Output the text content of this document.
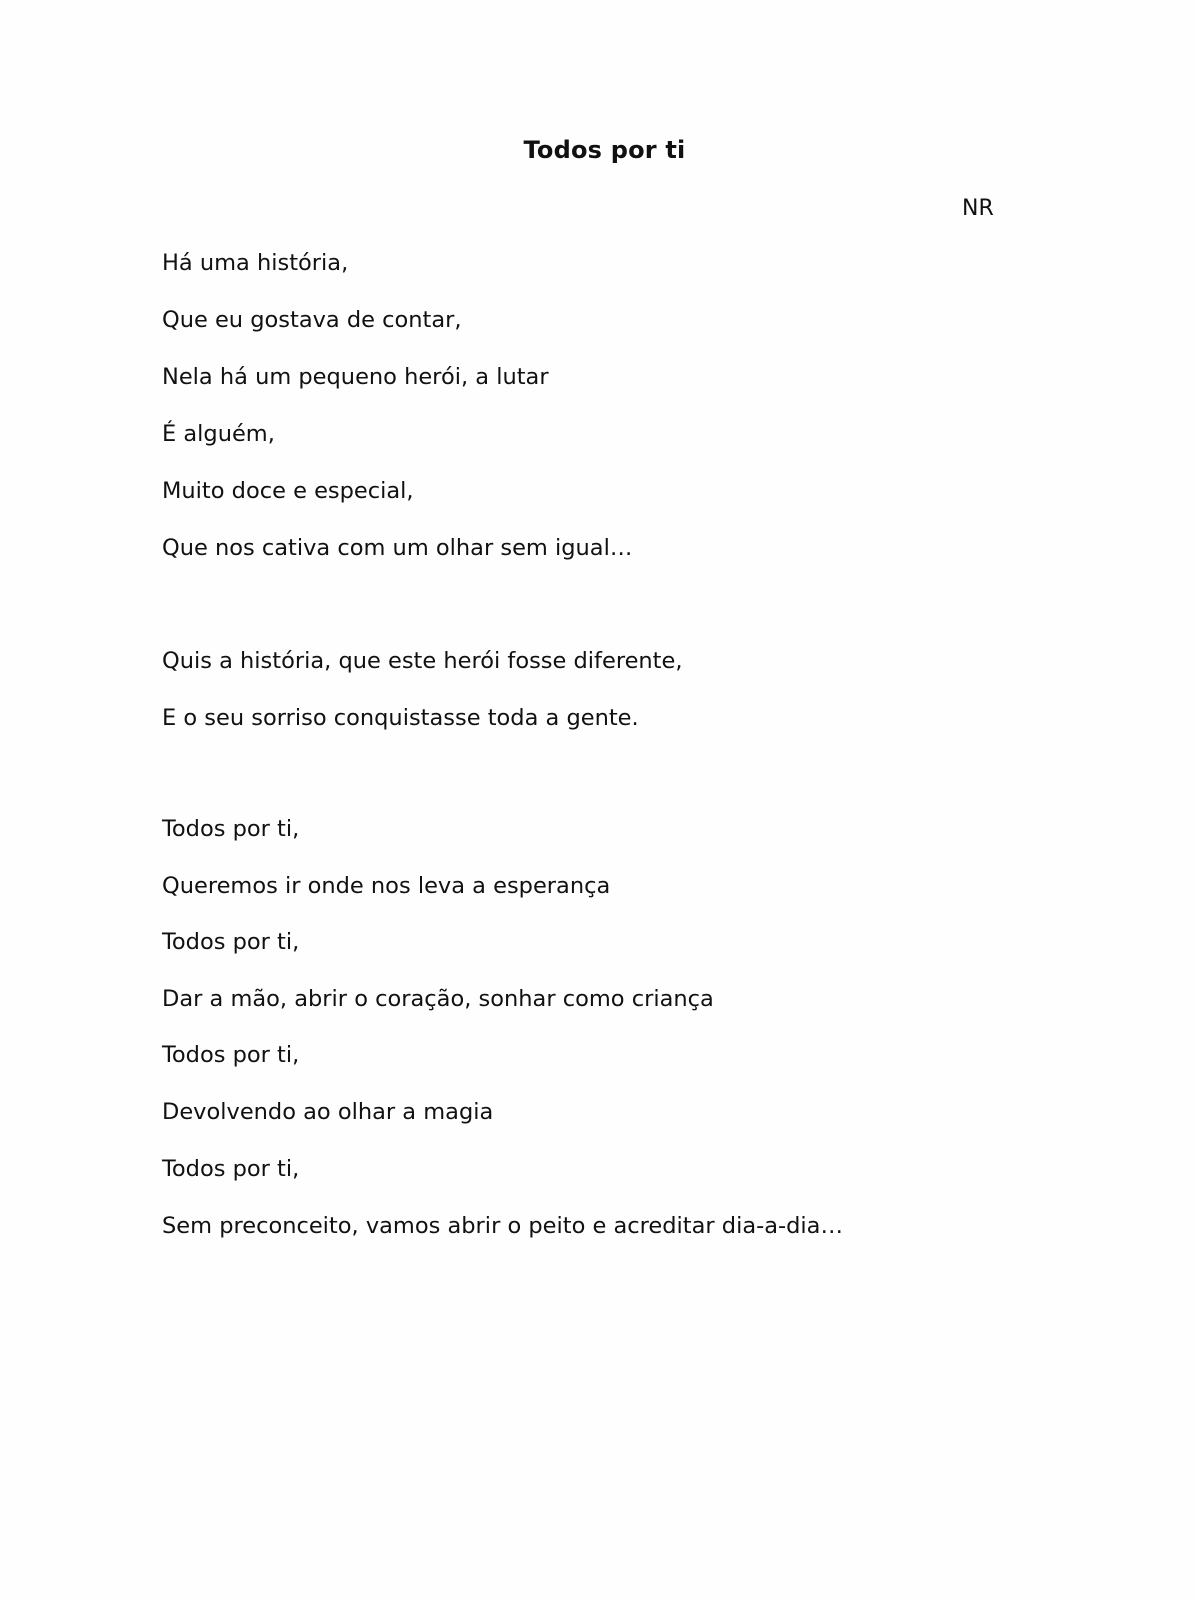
Todos por ti
NR
Há uma história,
Que eu gostava de contar,
Nela há um pequeno herói, a lutar
É alguém,
Muito doce e especial,
Que nos cativa com um olhar sem igual…
Quis a história, que este herói fosse diferente,
E o seu sorriso conquistasse toda a gente.
Todos por ti,
Queremos ir onde nos leva a esperança
Todos por ti,
Dar a mão, abrir o coração, sonhar como criança
Todos por ti,
Devolvendo ao olhar a magia
Todos por ti,
Sem preconceito, vamos abrir o peito e acreditar dia-a-dia…
